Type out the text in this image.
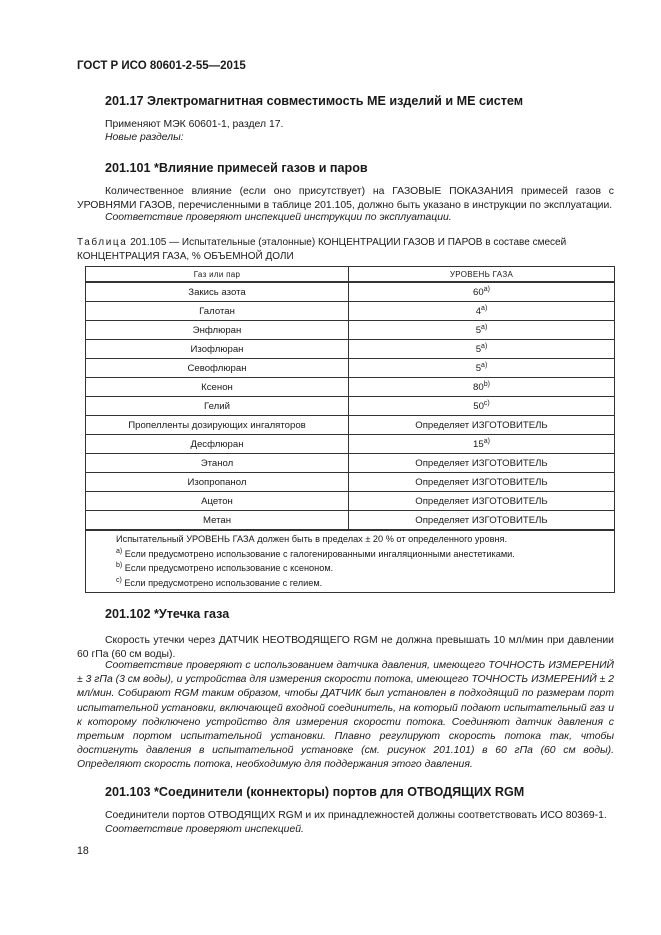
ГОСТ Р ИСО 80601-2-55—2015
201.17 Электромагнитная совместимость ME изделий и ME систем
Применяют МЭК 60601-1, раздел 17.
Новые разделы:
201.101 *Влияние примесей газов и паров
Количественное влияние (если оно присутствует) на ГАЗОВЫЕ ПОКАЗАНИЯ примесей газов с УРОВНЯМИ ГАЗОВ, перечисленными в таблице 201.105, должно быть указано в инструкции по эксплуатации.
Соответствие проверяют инспекцией инструкции по эксплуатации.
Таблица 201.105 — Испытательные (эталонные) КОНЦЕНТРАЦИИ ГАЗОВ И ПАРОВ в составе смесей КОНЦЕНТРАЦИЯ ГАЗА, % ОБЪЕМНОЙ ДОЛИ
Газ или пар	УРОВЕНЬ ГАЗА
Закись азота	60$^{a)}$
Галотан	4$^{a)}$
Энфлюран	5$^{a)}$
Изофлюран	5$^{a)}$
Севофлюран	5$^{a)}$
Ксенон	80$^{b)}$
Гелий	50$^{c)}$
Пропелленты дозирующих ингаляторов	Определяет ИЗГОТОВИТЕЛЬ
Десфлюран	15$^{a)}$
Этанол	Определяет ИЗГОТОВИТЕЛЬ
Изопропанол	Определяет ИЗГОТОВИТЕЛЬ
Ацетон	Определяет ИЗГОТОВИТЕЛЬ
Метан	Определяет ИЗГОТОВИТЕЛЬ

Испытательный УРОВЕНЬ ГАЗА должен быть в пределах ± 20 % от определенного уровня.
$^{a)}$ Если предусмотрено использование с галогенированными ингаляционными анестетиками.
$^{b)}$ Если предусмотрено использование с ксеноном.
$^{c)}$ Если предусмотрено использование с гелием.	
201.102 *Утечка газа
Скорость утечки через ДАТЧИК НЕОТВОДЯЩЕГО RGM не должна превышать 10 мл/мин при давлении 60 гПа (60 см воды).
Соответствие проверяют с использованием датчика давления, имеющего ТОЧНОСТЬ ИЗМЕРЕНИЙ ± 3 гПа (3 см воды), и устройства для измерения скорости потока, имеющего ТОЧНОСТЬ ИЗМЕРЕНИЙ ± 2 мл/мин. Собирают RGM таким образом, чтобы ДАТЧИК был установлен в подходящий по размерам порт испытательной установки, включающей входной соединитель, на который подают испытательный газ и к которому подключено устройство для измерения скорости потока. Соединяют датчик давления с третьим портом испытательной установки. Плавно регулируют скорость потока так, чтобы достигнуть давления в испытательной установке (см. рисунок 201.101) в 60 гПа (60 см воды). Определяют скорость потока, необходимую для поддержания этого давления.
201.103 *Соединители (коннекторы) портов для ОТВОДЯЩИХ RGM
Соединители портов ОТВОДЯЩИХ RGM и их принадлежностей должны соответствовать ИСО 80369-1.
Соответствие проверяют инспекцией.
18
